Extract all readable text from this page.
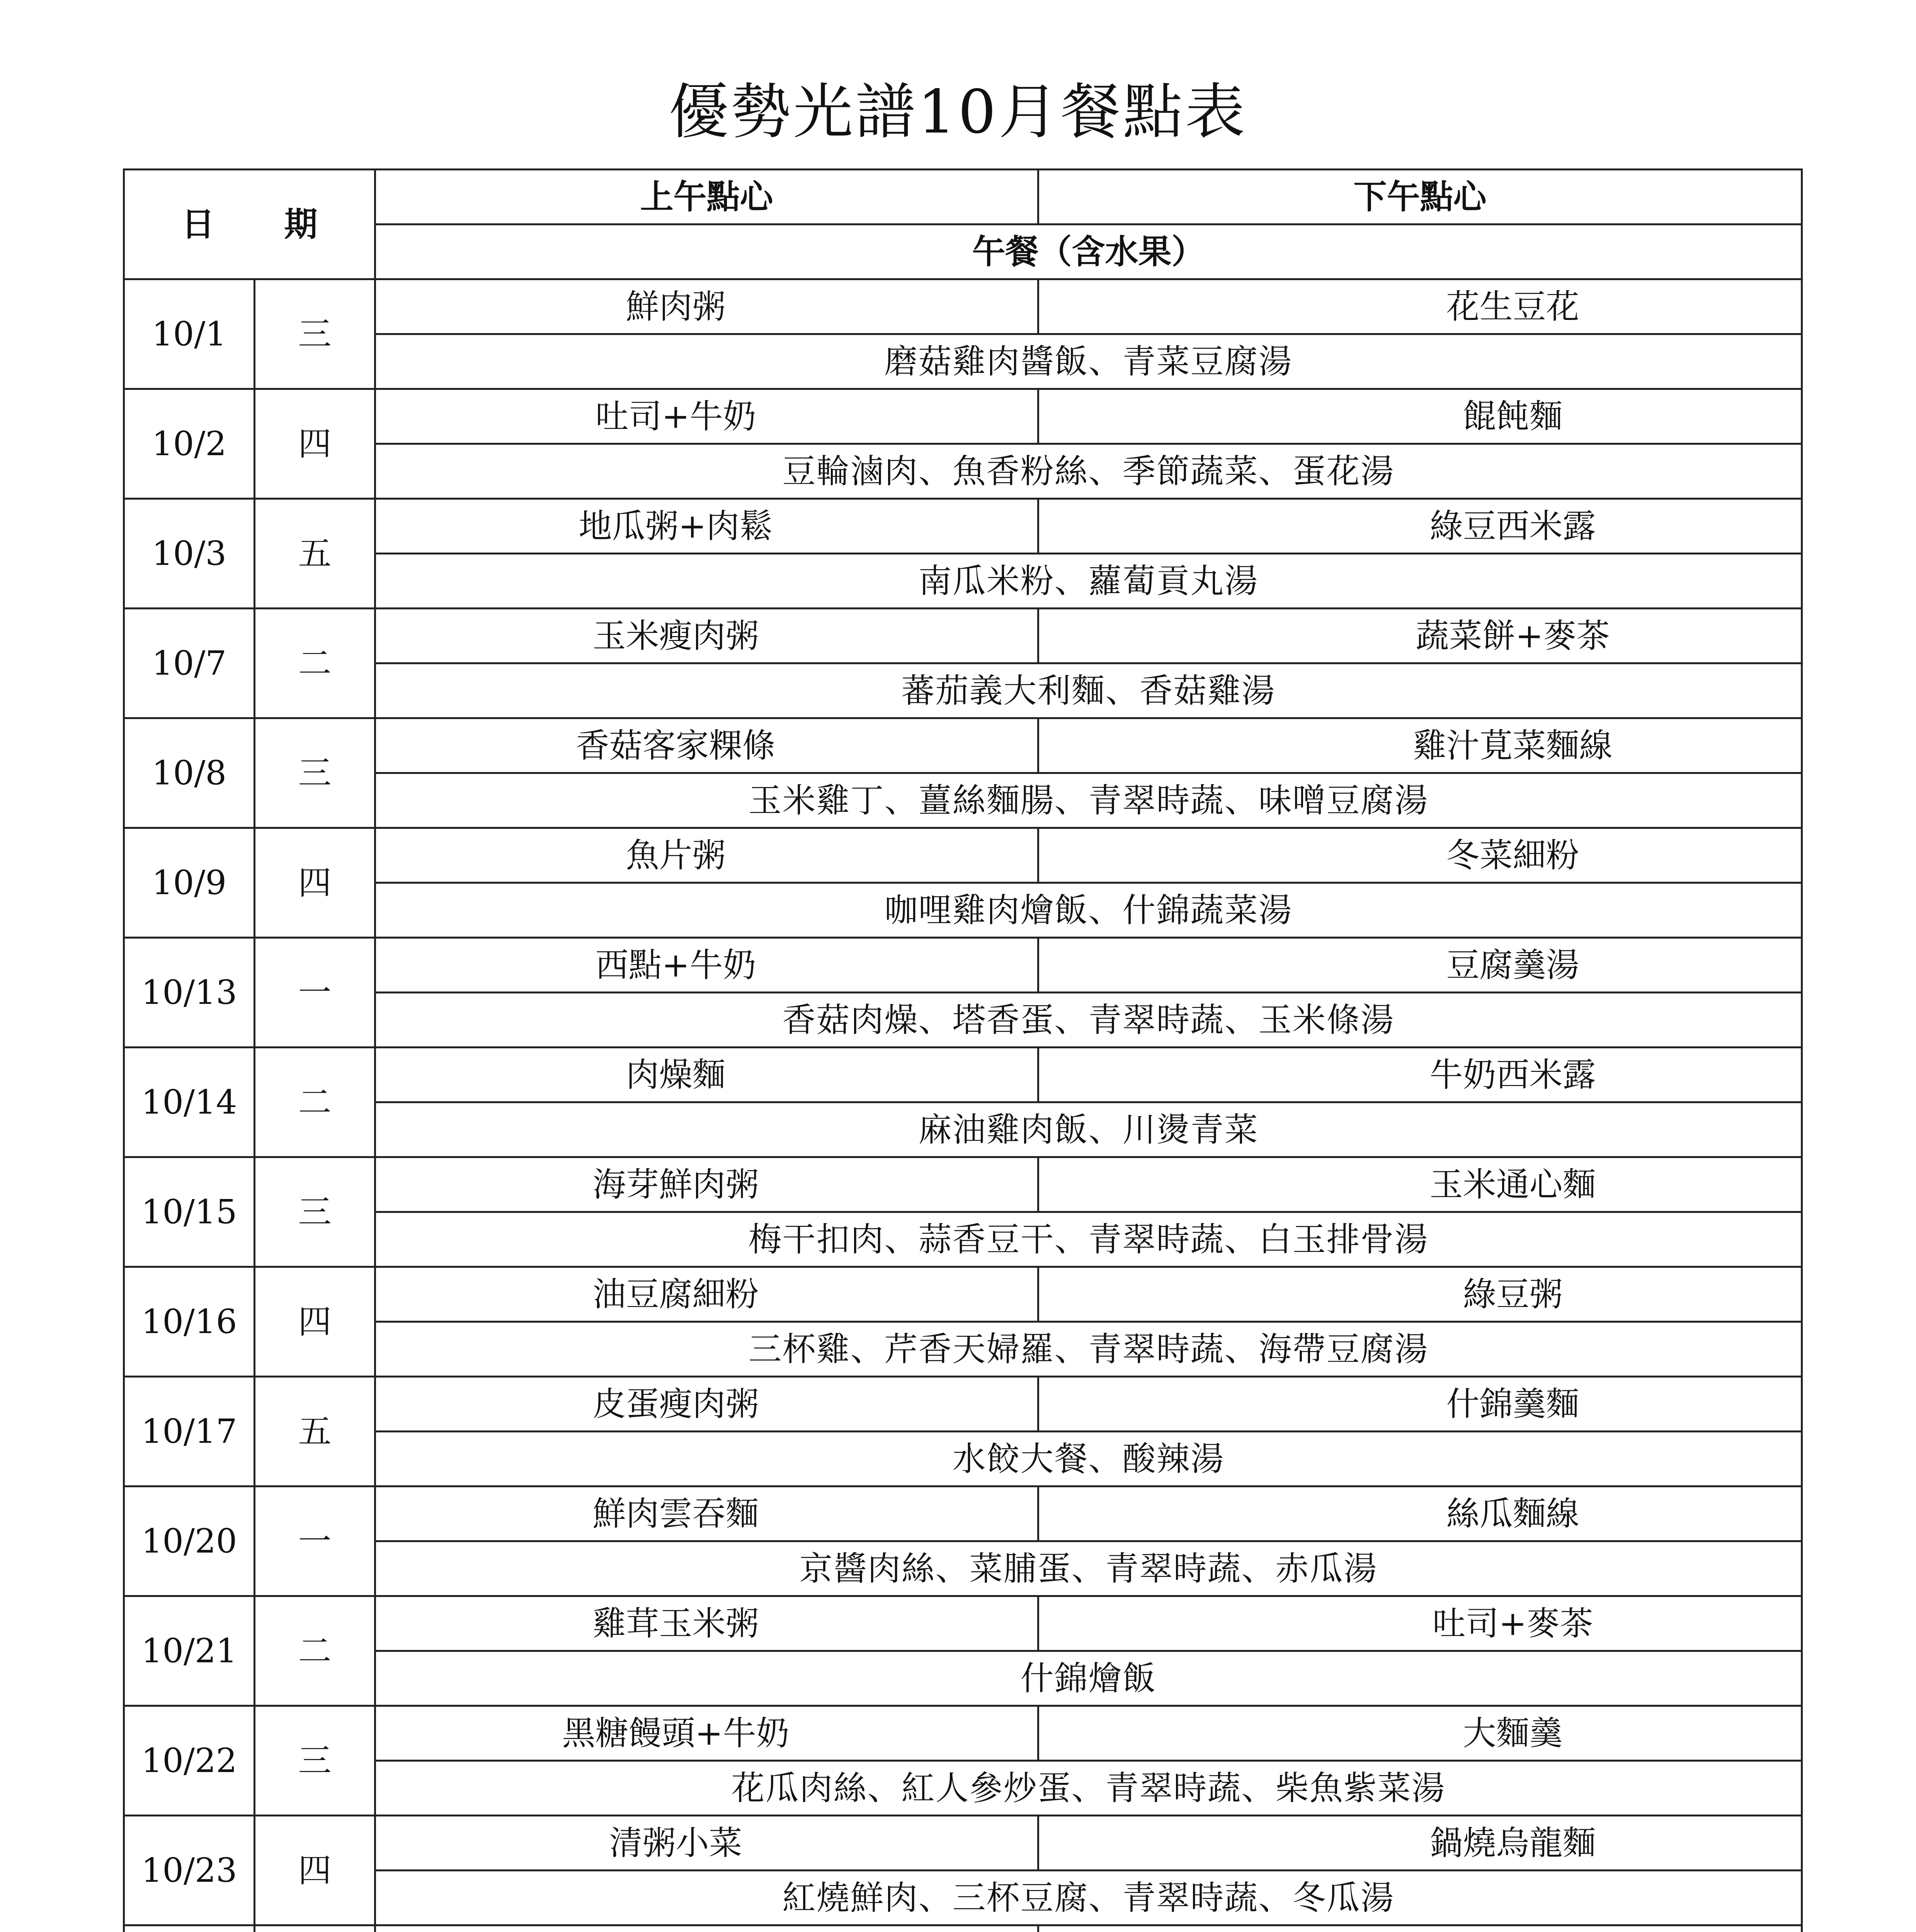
優勢光譜10月餐點表
日 期		上午點心	下午點心
		午餐（含水果）	
10/1	三	鮮肉粥	花生豆花
		磨菇雞肉醬飯、青菜豆腐湯	
10/2	四	吐司+牛奶	餛飩麵
		豆輪滷肉、魚香粉絲、季節蔬菜、蛋花湯	
10/3	五	地瓜粥+肉鬆	綠豆西米露
		南瓜米粉、蘿蔔貢丸湯	
10/7	二	玉米瘦肉粥	蔬菜餅+麥茶
		蕃茄義大利麵、香菇雞湯	
10/8	三	香菇客家粿條	雞汁莧菜麵線
		玉米雞丁、薑絲麵腸、青翠時蔬、味噌豆腐湯	
10/9	四	魚片粥	冬菜細粉
		咖哩雞肉燴飯、什錦蔬菜湯	
10/13	一	西點+牛奶	豆腐羹湯
		香菇肉燥、塔香蛋、青翠時蔬、玉米條湯	
10/14	二	肉燥麵	牛奶西米露
		麻油雞肉飯、川燙青菜	
10/15	三	海芽鮮肉粥	玉米通心麵
		梅干扣肉、蒜香豆干、青翠時蔬、白玉排骨湯	
10/16	四	油豆腐細粉	綠豆粥
		三杯雞、芹香天婦羅、青翠時蔬、海帶豆腐湯	
10/17	五	皮蛋瘦肉粥	什錦羹麵
		水餃大餐、酸辣湯	
10/20	一	鮮肉雲吞麵	絲瓜麵線
		京醬肉絲、菜脯蛋、青翠時蔬、赤瓜湯	
10/21	二	雞茸玉米粥	吐司+麥茶
		什錦燴飯	
10/22	三	黑糖饅頭+牛奶	大麵羹
		花瓜肉絲、紅人參炒蛋、青翠時蔬、柴魚紫菜湯	
10/23	四	清粥小菜	鍋燒烏龍麵
		紅燒鮮肉、三杯豆腐、青翠時蔬、冬瓜湯	
